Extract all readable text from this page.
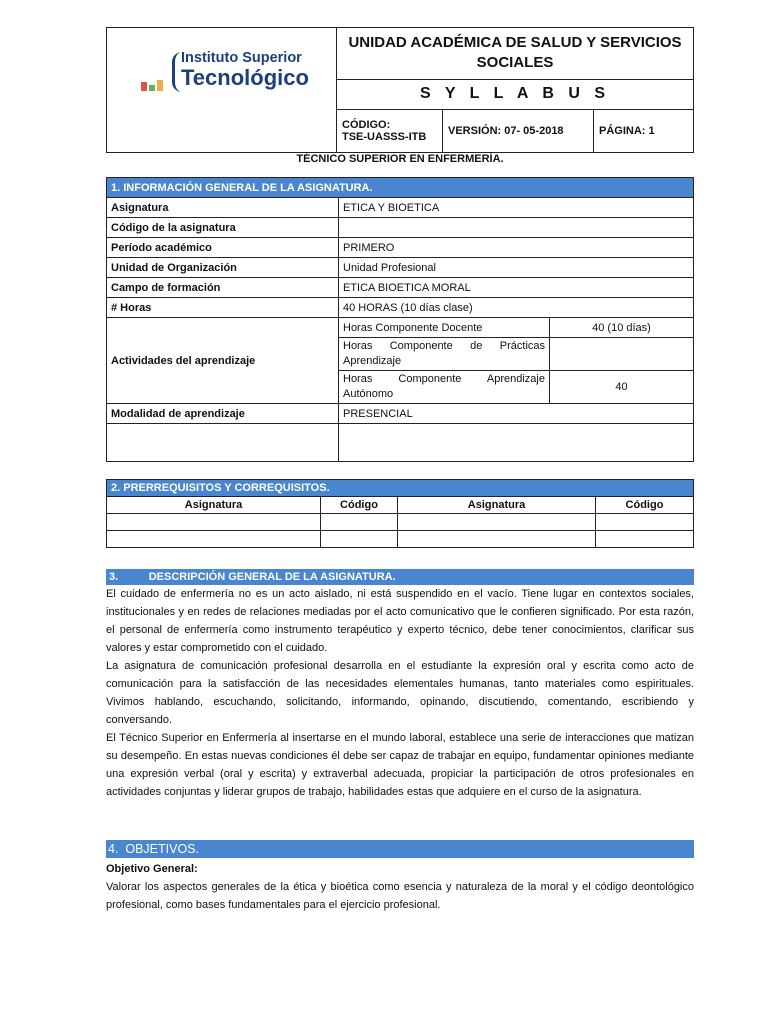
Instituto Superior
Tecnológico	UNIDAD ACADÉMICA DE SALUD Y SERVICIOS SOCIALES		
	S Y L L A B U S		

	CÓDIGO:
TSE-UASSS-ITB	VERSIÓN: 07- 05-2018	PÁGINA: 1
TÉCNICO SUPERIOR EN ENFERMERÍA.
1. INFORMACIÓN GENERAL DE LA ASIGNATURA.		
Asignatura	ETICA Y BIOETICA	
Código de la asignatura		
Período académico	PRIMERO	
Unidad de Organización	Unidad Profesional	
Campo de formación	ETICA BIOETICA MORAL	
# Horas	40 HORAS (10 días clase)	
Actividades del aprendizaje	Horas Componente Docente	40 (10 días)

	Horas Componente de Prácticas Aprendizaje	

	Horas Componente Aprendizaje Autónomo	40
Modalidad de aprendizaje	PRESENCIAL	

2. PRERREQUISITOS Y CORREQUISITOS.			
Asignatura	Código	Asignatura	Código

3.          DESCRIPCIÓN GENERAL DE LA ASIGNATURA.

El cuidado de enfermería no es un acto aislado, ni está suspendido en el vacío. Tiene lugar en contextos sociales, institucionales y en redes de relaciones mediadas por el acto comunicativo que le confieren significado. Por esta razón, el personal de enfermería como instrumento terapéutico y experto técnico, debe tener conocimientos, clarificar sus valores y estar comprometido con el cuidado.

La asignatura de comunicación profesional desarrolla en el estudiante la expresión oral y escrita como acto de comunicación para la satisfacción de las necesidades elementales humanas, tanto materiales como espirituales. Vivimos hablando, escuchando, solicitando, informando, opinando, discutiendo, comentando, escribiendo y conversando.

El Técnico Superior en Enfermería al insertarse en el mundo laboral, establece una serie de interacciones que matizan su desempeño. En estas nuevas condiciones él debe ser capaz de trabajar en equipo, fundamentar opiniones mediante una expresión verbal (oral y escrita) y extraverbal adecuada, propiciar la participación de otros profesionales en actividades conjuntas y liderar grupos de trabajo, habilidades estas que adquiere en el curso de la asignatura.

4.  OBJETIVOS.
Objetivo General:

Valorar los aspectos generales de la ética y bioética como esencia y naturaleza de la moral y el código deontológico profesional, como bases fundamentales para el ejercicio profesional.
